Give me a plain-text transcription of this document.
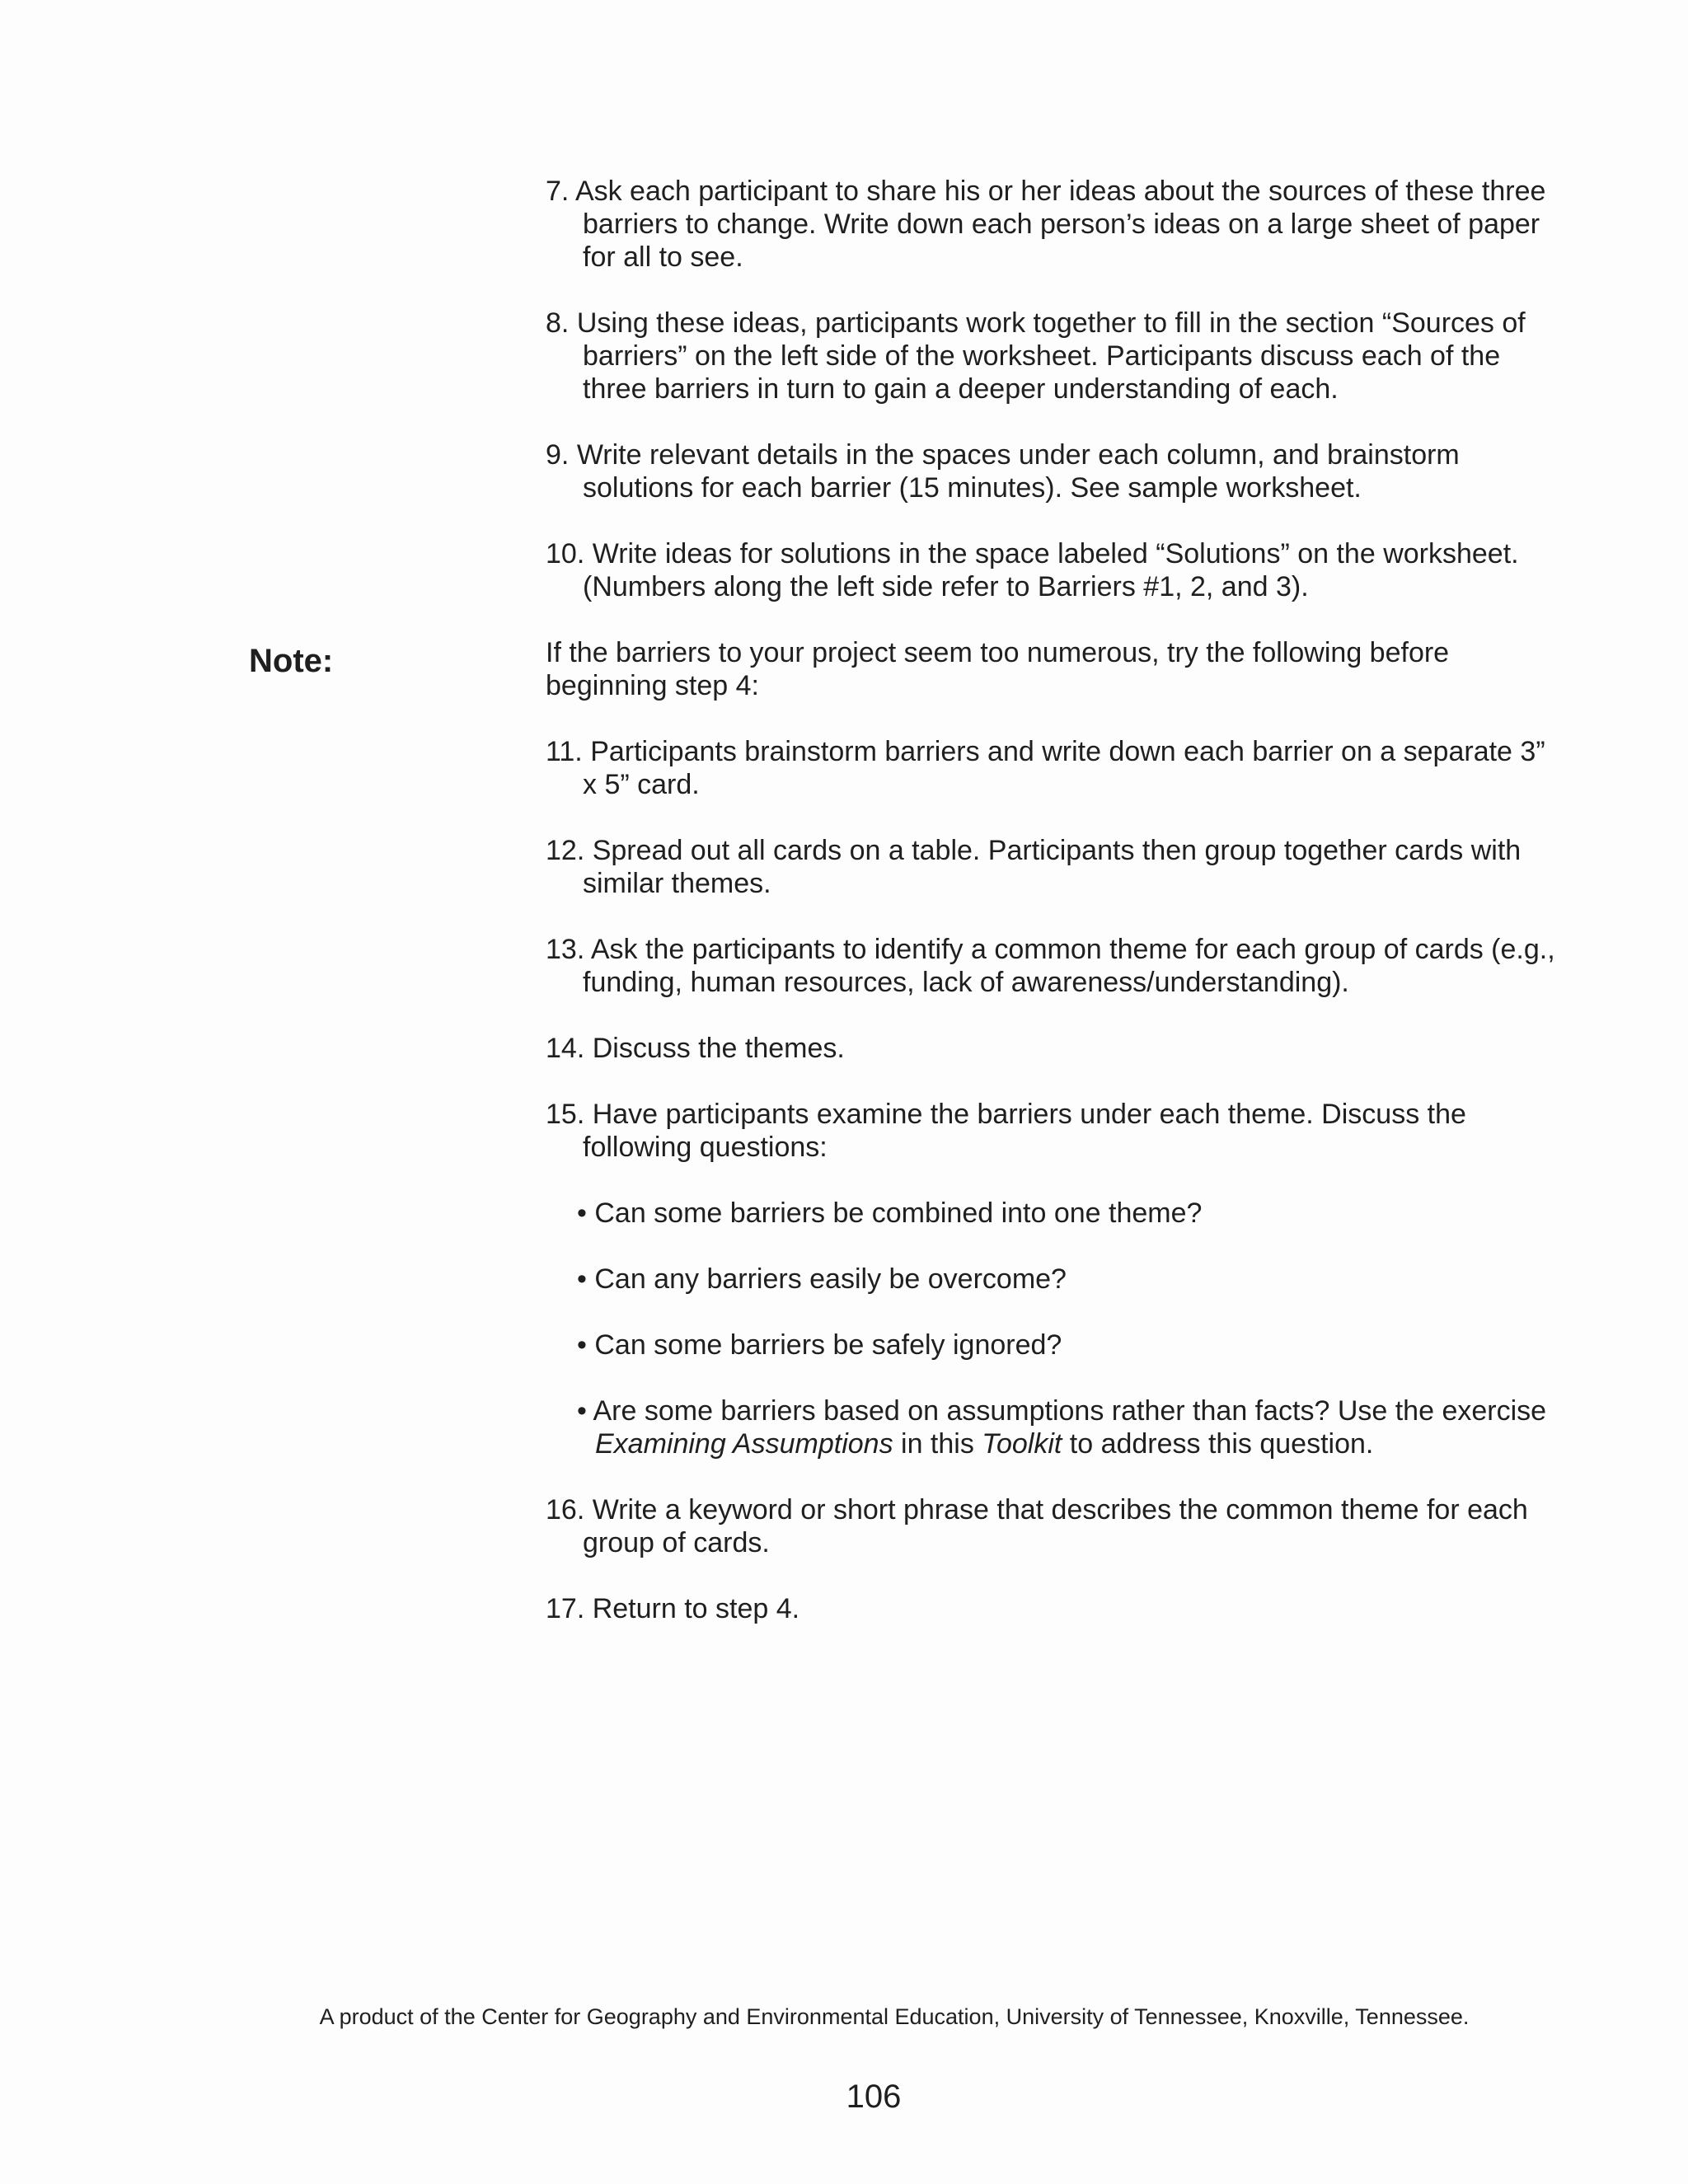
Note:

7. Ask each participant to share his or her ideas about the sources of these three barriers to change. Write down each person’s ideas on a large sheet of paper for all to see.

8. Using these ideas, participants work together to fill in the section “Sources of barriers” on the left side of the worksheet. Participants discuss each of the three barriers in turn to gain a deeper understanding of each.

9. Write relevant details in the spaces under each column, and brainstorm solutions for each barrier (15 minutes). See sample worksheet.

10. Write ideas for solutions in the space labeled “Solutions” on the worksheet. (Numbers along the left side refer to Barriers #1, 2, and 3).

If the barriers to your project seem too numerous, try the following before beginning step 4:

11. Participants brainstorm barriers and write down each barrier on a separate 3” x 5” card.

12. Spread out all cards on a table. Participants then group together cards with similar themes.

13. Ask the participants to identify a common theme for each group of cards (e.g., funding, human resources, lack of awareness/understanding).

14. Discuss the themes.

15. Have participants examine the barriers under each theme. Discuss the following questions:

• Can some barriers be combined into one theme?

• Can any barriers easily be overcome?

• Can some barriers be safely ignored?

• Are some barriers based on assumptions rather than facts? Use the exercise Examining Assumptions in this Toolkit to address this question.

16. Write a keyword or short phrase that describes the common theme for each group of cards.

17. Return to step 4.

A product of the Center for Geography and Environmental Education, University of Tennessee, Knoxville, Tennessee.
106
